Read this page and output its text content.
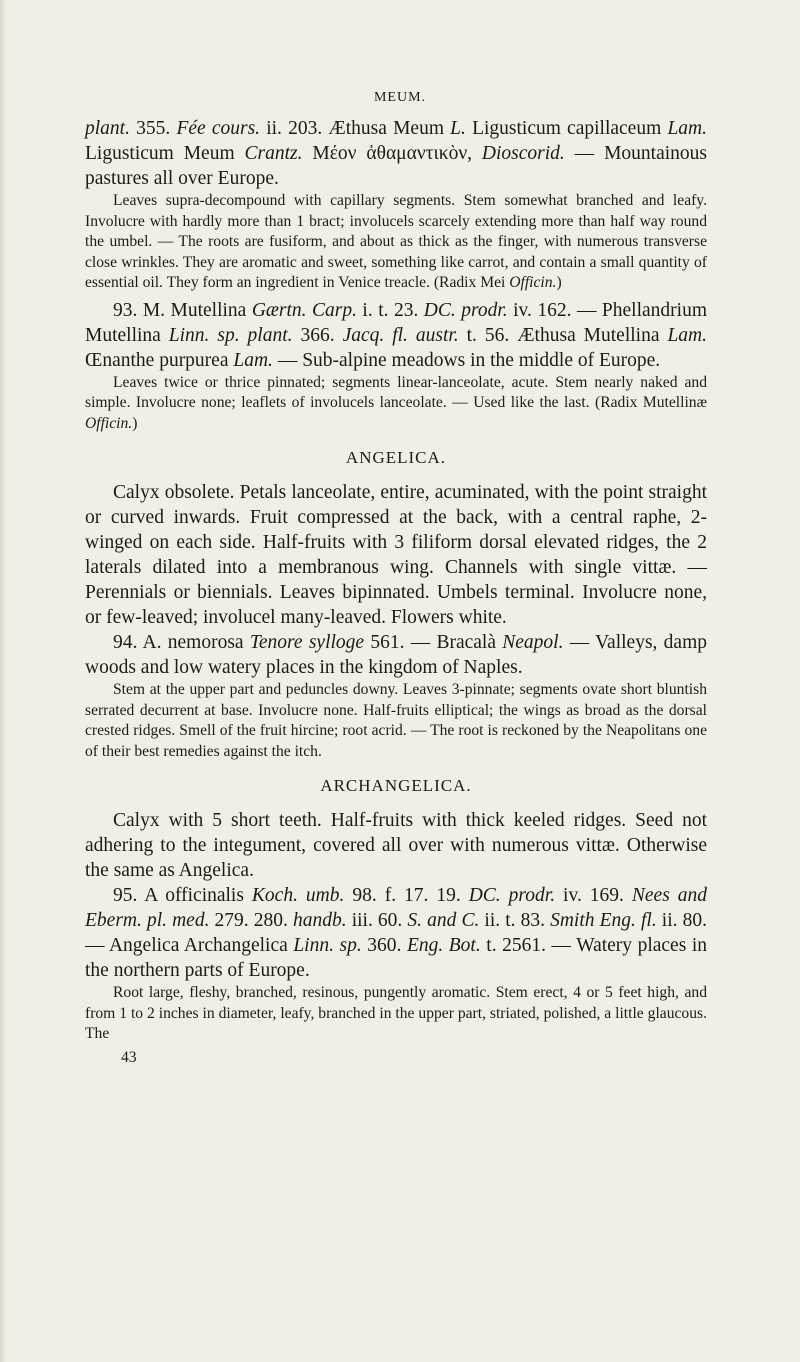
MEUM.

plant. 355. Fée cours. ii. 203. Æthusa Meum L. Ligusticum capillaceum Lam. Ligusticum Meum Crantz. Μέον ἀθαμαντικὸν, Dioscorid. — Mountainous pastures all over Europe.

Leaves supra-decompound with capillary segments. Stem somewhat branched and leafy. Involucre with hardly more than 1 bract; involucels scarcely extending more than half way round the umbel. — The roots are fusiform, and about as thick as the finger, with numerous transverse close wrinkles. They are aromatic and sweet, something like carrot, and contain a small quantity of essential oil. They form an ingredient in Venice treacle. (Radix Mei Officin.)

93. M. Mutellina Gærtn. Carp. i. t. 23. DC. prodr. iv. 162. — Phellandrium Mutellina Linn. sp. plant. 366. Jacq. fl. austr. t. 56. Æthusa Mutellina Lam. Œnanthe purpurea Lam. — Sub-alpine meadows in the middle of Europe.

Leaves twice or thrice pinnated; segments linear-lanceolate, acute. Stem nearly naked and simple. Involucre none; leaflets of involucels lanceolate. — Used like the last. (Radix Mutellinæ Officin.)

ANGELICA.

Calyx obsolete. Petals lanceolate, entire, acuminated, with the point straight or curved inwards. Fruit compressed at the back, with a central raphe, 2-winged on each side. Half-fruits with 3 filiform dorsal elevated ridges, the 2 laterals dilated into a membranous wing. Channels with single vittæ. — Perennials or biennials. Leaves bipinnated. Umbels terminal. Involucre none, or few-leaved; involucel many-leaved. Flowers white.

94. A. nemorosa Tenore sylloge 561. — Bracalà Neapol. — Valleys, damp woods and low watery places in the kingdom of Naples.

Stem at the upper part and peduncles downy. Leaves 3-pinnate; segments ovate short bluntish serrated decurrent at base. Involucre none. Half-fruits elliptical; the wings as broad as the dorsal crested ridges. Smell of the fruit hircine; root acrid. — The root is reckoned by the Neapolitans one of their best remedies against the itch.

ARCHANGELICA.

Calyx with 5 short teeth. Half-fruits with thick keeled ridges. Seed not adhering to the integument, covered all over with numerous vittæ. Otherwise the same as Angelica.

95. A officinalis Koch. umb. 98. f. 17. 19. DC. prodr. iv. 169. Nees and Eberm. pl. med. 279. 280. handb. iii. 60. S. and C. ii. t. 83. Smith Eng. fl. ii. 80. — Angelica Archangelica Linn. sp. 360. Eng. Bot. t. 2561. — Watery places in the northern parts of Europe.

Root large, fleshy, branched, resinous, pungently aromatic. Stem erect, 4 or 5 feet high, and from 1 to 2 inches in diameter, leafy, branched in the upper part, striated, polished, a little glaucous. The

43
